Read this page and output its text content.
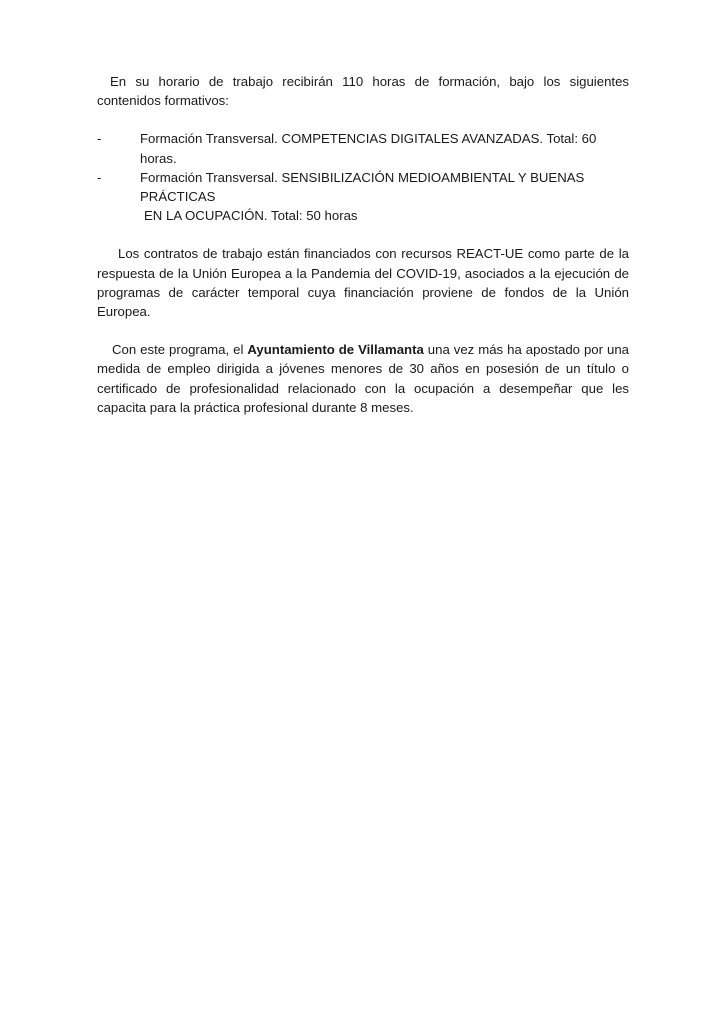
En su horario de trabajo recibirán 110 horas de formación, bajo los siguientes contenidos formativos:

-	Formación Transversal. COMPETENCIAS DIGITALES AVANZADAS. Total: 60 horas.
-	Formación Transversal. SENSIBILIZACIÓN MEDIOAMBIENTAL Y BUENAS PRÁCTICAS
EN LA OCUPACIÓN. Total: 50 horas

Los contratos de trabajo están financiados con recursos REACT-UE como parte de la respuesta de la Unión Europea a la Pandemia del COVID-19, asociados a la ejecución de programas de carácter temporal cuya financiación proviene de fondos de la Unión Europea.

Con este programa, el Ayuntamiento de Villamanta una vez más ha apostado por una medida de empleo dirigida a jóvenes menores de 30 años en posesión de un título o certificado de profesionalidad relacionado con la ocupación a desempeñar que les capacita para la práctica profesional durante 8 meses.
